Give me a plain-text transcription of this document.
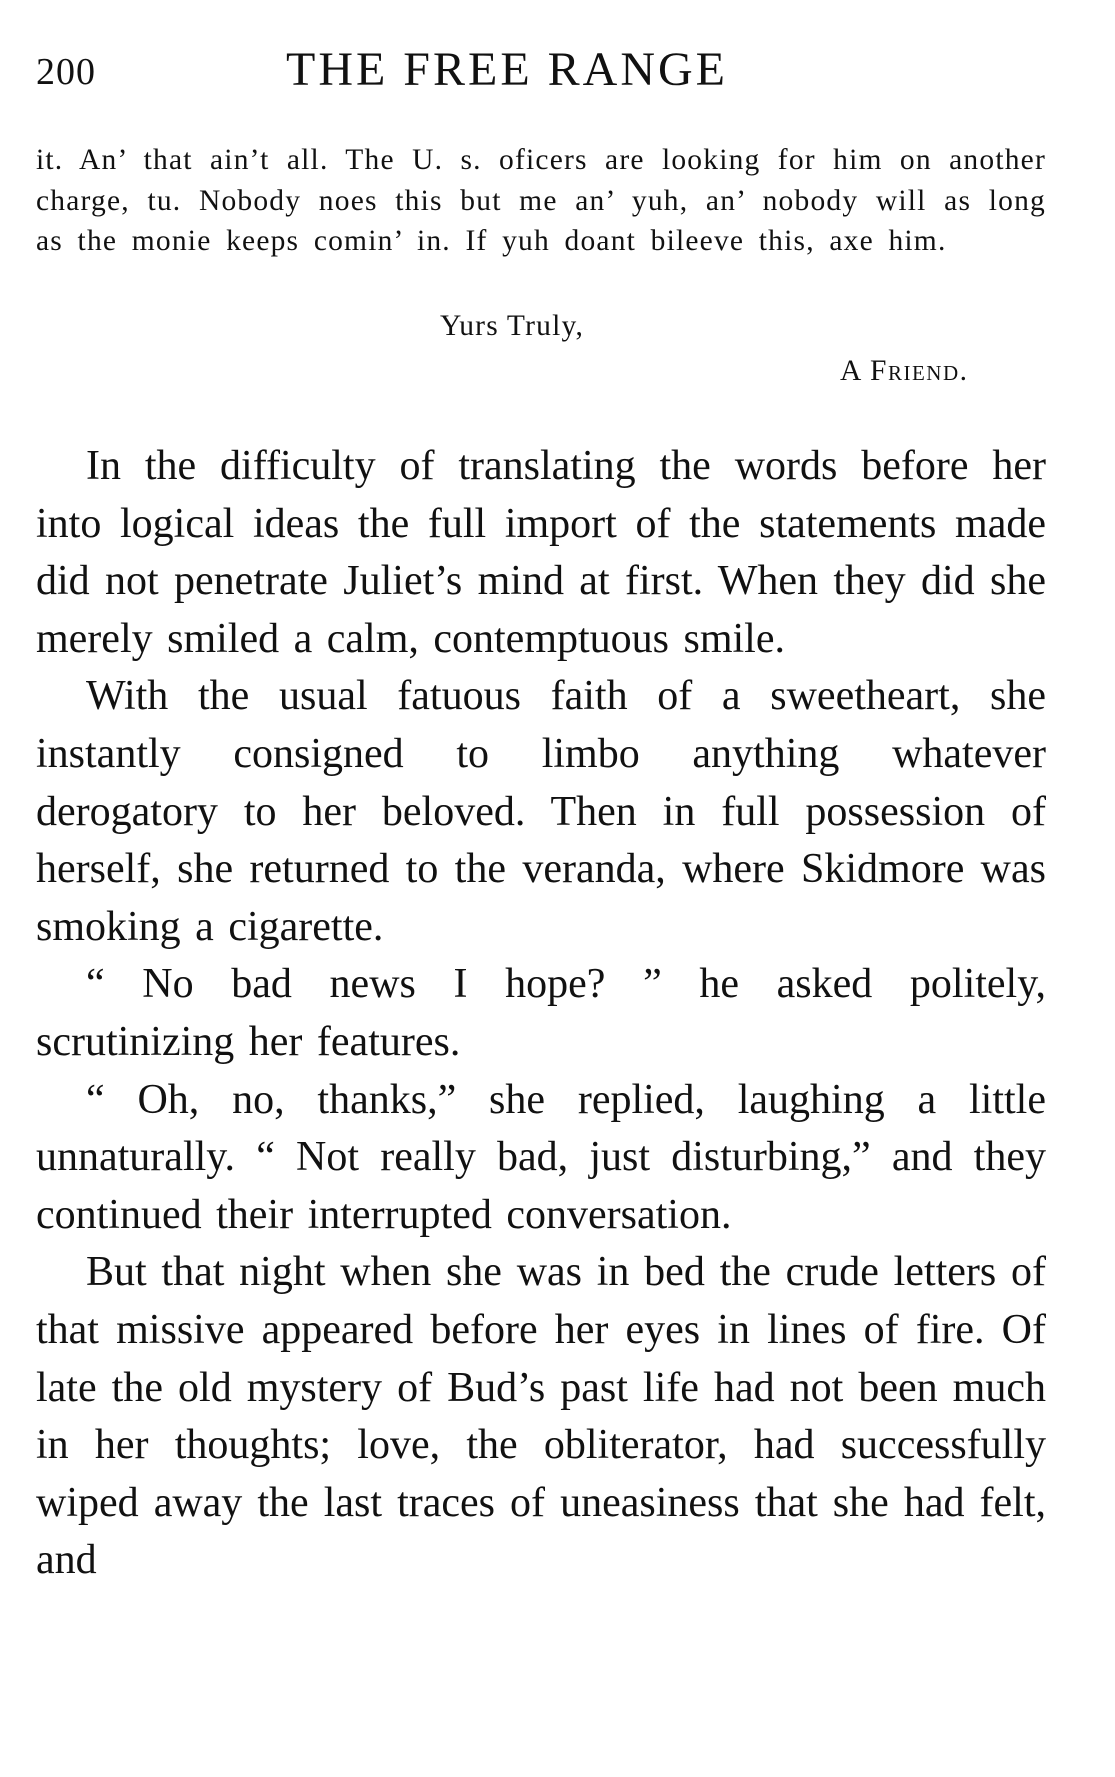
200	THE FREE RANGE

it. An’ that ain’t all. The U. s. oficers are looking for him on another charge, tu. Nobody noes this but me an’ yuh, an’ nobody will as long as the monie keeps comin’ in. If yuh doant bileeve this, axe him.

Yurs Truly,
A Friend.

In the difficulty of translating the words before her into logical ideas the full import of the statements made did not penetrate Juliet’s mind at first. When they did she merely smiled a calm, contemptuous smile.

With the usual fatuous faith of a sweetheart, she instantly consigned to limbo anything whatever derogatory to her beloved. Then in full possession of herself, she returned to the veranda, where Skidmore was smoking a cigarette.

“ No bad news I hope? ” he asked politely, scrutinizing her features.

“ Oh, no, thanks,” she replied, laughing a little unnaturally. “ Not really bad, just disturbing,” and they continued their interrupted conversation.

But that night when she was in bed the crude letters of that missive appeared before her eyes in lines of fire. Of late the old mystery of Bud’s past life had not been much in her thoughts; love, the obliterator, had successfully wiped away the last traces of uneasiness that she had felt, and
